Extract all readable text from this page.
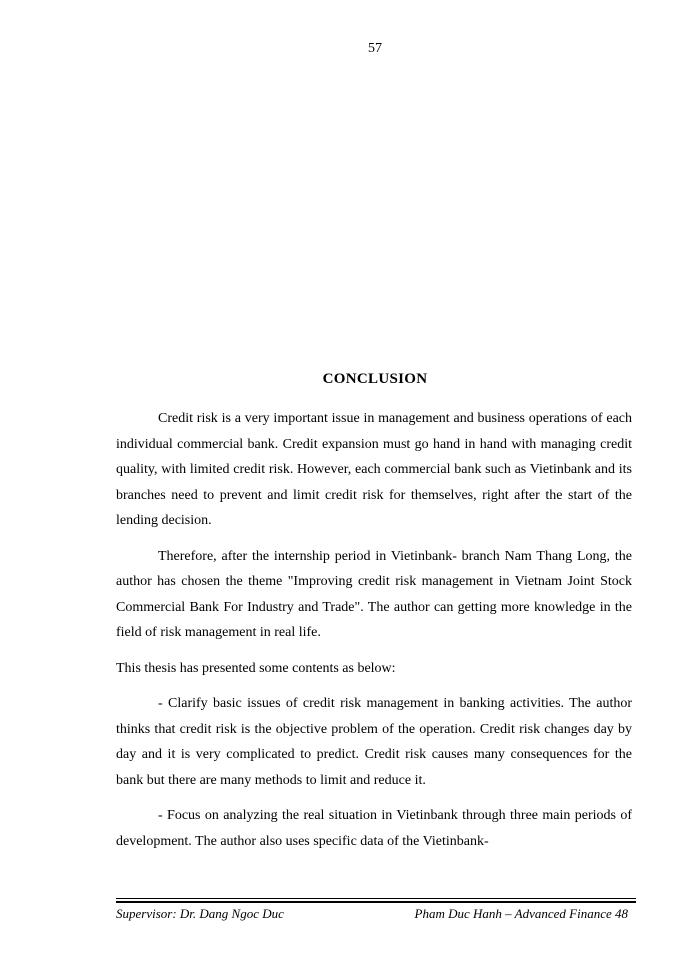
57
CONCLUSION

Credit risk is a very important issue in management and business operations of each individual commercial bank. Credit expansion must go hand in hand with managing credit quality, with limited credit risk. However, each commercial bank such as Vietinbank and its branches need to prevent and limit credit risk for themselves, right after the start of the lending decision.

Therefore, after the internship period in Vietinbank- branch Nam Thang Long, the author has chosen the theme "Improving credit risk management in Vietnam Joint Stock Commercial Bank For Industry and Trade". The author can getting more knowledge in the field of risk management in real life.

This thesis has presented some contents as below:

- Clarify basic issues of credit risk management in banking activities. The author thinks that credit risk is the objective problem of the operation. Credit risk changes day by day and it is very complicated to predict. Credit risk causes many consequences for the bank but there are many methods to limit and reduce it.

- Focus on analyzing the real situation in Vietinbank through three main periods of development. The author also uses specific data of the Vietinbank-

Supervisor: Dr. Dang Ngoc Duc	Pham Duc Hanh – Advanced Finance 48
